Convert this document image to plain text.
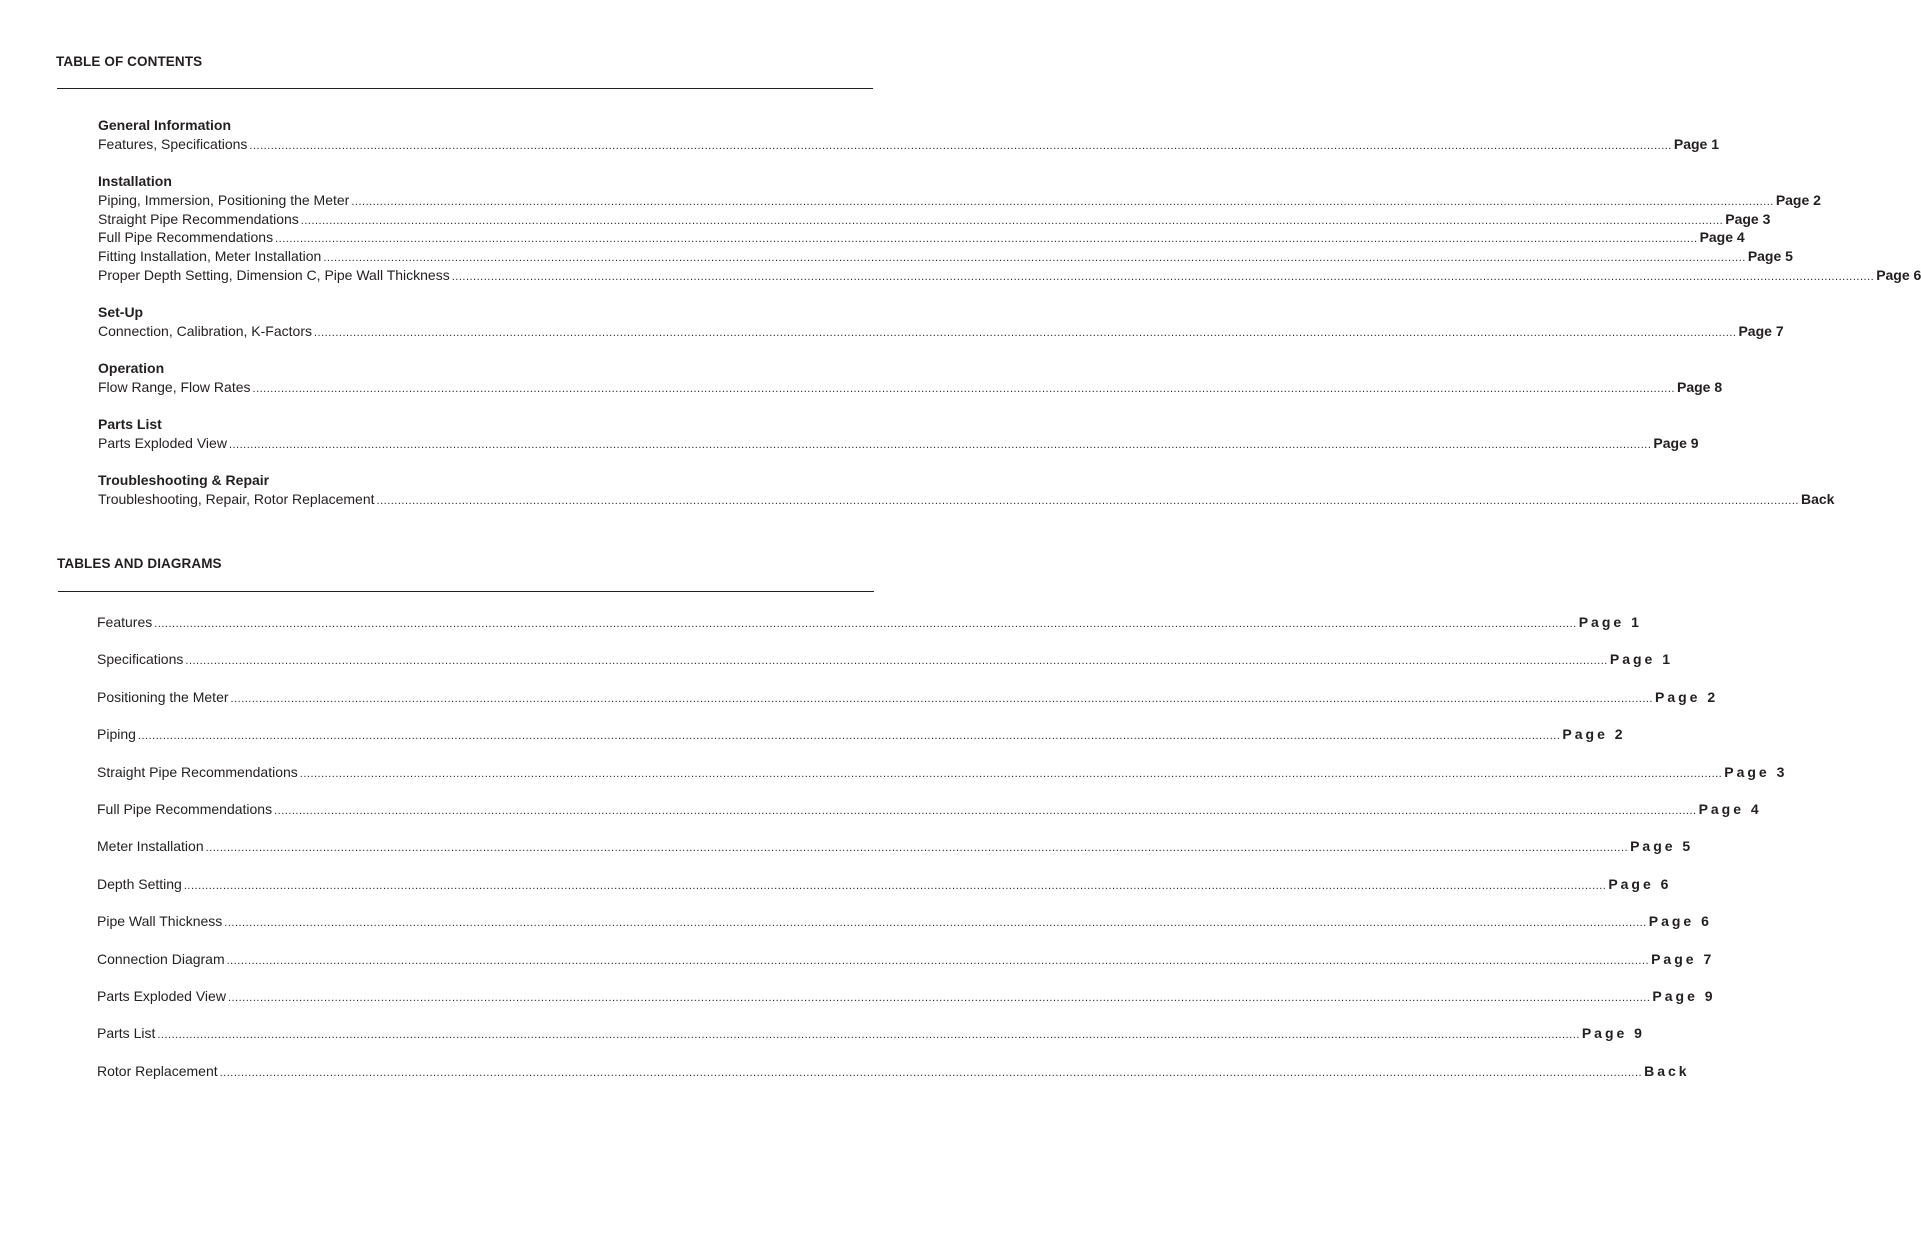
TABLE OF CONTENTS
General Information
Features, Specifications ................................................................................................................................................................................................................................................................................................................................................................................................................ Page 1
Installation
Piping, Immersion, Positioning the Meter ................................................................................................................................................................................................................................................................................................................................................................................................................ Page 2
Straight Pipe Recommendations ................................................................................................................................................................................................................................................................................................................................................................................................................ Page 3
Full Pipe Recommendations ................................................................................................................................................................................................................................................................................................................................................................................................................ Page 4
Fitting Installation, Meter Installation ................................................................................................................................................................................................................................................................................................................................................................................................................ Page 5
Proper Depth Setting, Dimension C, Pipe Wall Thickness ................................................................................................................................................................................................................................................................................................................................................................................................................ Page 6
Set-Up
Connection, Calibration, K-Factors ................................................................................................................................................................................................................................................................................................................................................................................................................ Page 7
Operation
Flow Range, Flow Rates ................................................................................................................................................................................................................................................................................................................................................................................................................ Page 8
Parts List
Parts Exploded View ................................................................................................................................................................................................................................................................................................................................................................................................................ Page 9
Troubleshooting & Repair
Troubleshooting, Repair, Rotor Replacement ................................................................................................................................................................................................................................................................................................................................................................................................................ Back
TABLES AND DIAGRAMS
Features ................................................................................................................................................................................................................................................................................................................................................................................................................ Page 1
Specifications ................................................................................................................................................................................................................................................................................................................................................................................................................ Page 1
Positioning the Meter ................................................................................................................................................................................................................................................................................................................................................................................................................ Page 2
Piping ................................................................................................................................................................................................................................................................................................................................................................................................................ Page 2
Straight Pipe Recommendations ................................................................................................................................................................................................................................................................................................................................................................................................................ Page 3
Full Pipe Recommendations ................................................................................................................................................................................................................................................................................................................................................................................................................ Page 4
Meter Installation ................................................................................................................................................................................................................................................................................................................................................................................................................ Page 5
Depth Setting ................................................................................................................................................................................................................................................................................................................................................................................................................ Page 6
Pipe Wall Thickness ................................................................................................................................................................................................................................................................................................................................................................................................................ Page 6
Connection Diagram ................................................................................................................................................................................................................................................................................................................................................................................................................ Page 7
Parts Exploded View ................................................................................................................................................................................................................................................................................................................................................................................................................ Page 9
Parts List ................................................................................................................................................................................................................................................................................................................................................................................................................ Page 9
Rotor Replacement ................................................................................................................................................................................................................................................................................................................................................................................................................ Back
